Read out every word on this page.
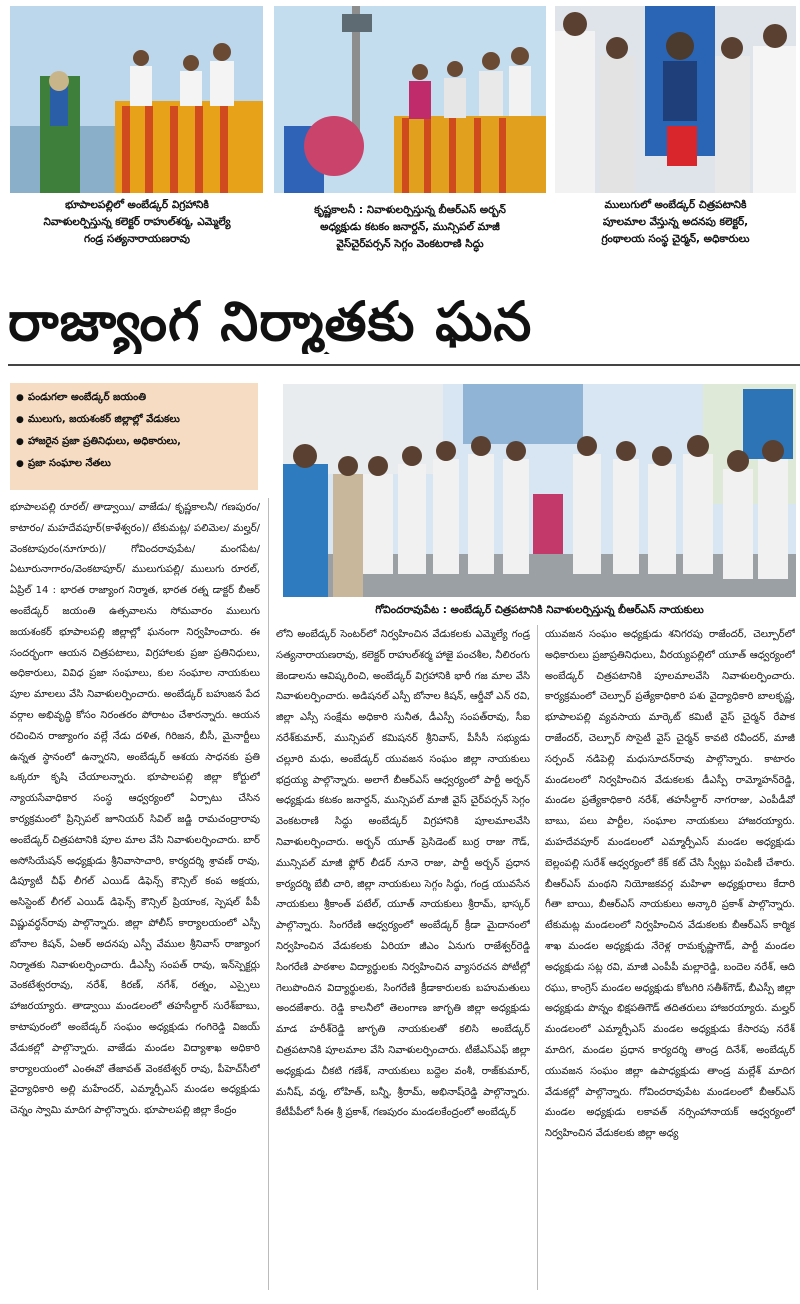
భూపాలపల్లిలో అంబేడ్కర్‌ విగ్రహానికి
నివాళులర్పిస్తున్న కలెక్టర్‌ రాహుల్‌శర్మ, ఎమ్మెల్యే
గండ్ర సత్యనారాయణరావు
కృష్ణకాలనీ : నివాళులర్పిస్తున్న బీఆర్‌ఎస్‌ అర్బన్‌
అధ్యక్షుడు కటకం జనార్దన్‌, మున్సిపల్‌ మాజీ
వైస్‌చైర్‌పర్సన్‌ సెగ్గం వెంకటరాణి సిద్ధు
ములుగులో అంబేడ్కర్‌ చిత్రపటానికి
పూలమాల వేస్తున్న అదనపు కలెక్టర్‌,
గ్రంథాలయ సంస్థ చైర్మన్‌, అధికారులు
రాజ్యాంగ నిర్మాతకు ఘన
● పండుగలా అంబేడ్కర్‌ జయంతి
● ములుగు, జయశంకర్‌ జిల్లాల్లో వేడుకలు
● హాజరైన ప్రజా ప్రతినిధులు, అధికారులు,
● ప్రజా సంఘాల నేతలు
గోవిందరావుపేట : అంబేడ్కర్‌ చిత్రపటానికి నివాళులర్పిస్తున్న బీఆర్‌ఎస్‌ నాయకులు

భూపాలపల్లి రూరల్‌/ తాడ్వాయి/ వాజేడు/ కృష్ణకాలనీ/ గణపురం/ కాటారం/ మహదేవపూర్‌(కాళేశ్వరం)/ టేకుమట్ల/ పలిమెల/ మల్హర్‌/ వెంకటాపురం(నూగూరు)/ గోవిందరావుపేట/ మంగపేట/ఏటూరునాగారం/వెంకటాపూర్‌/ ములుగుపల్లి/ ములుగు రూరల్‌, ఏప్రిల్‌ 14 : భారత రాజ్యాంగ నిర్మాత, భారత రత్న డాక్టర్‌ బీఆర్‌ అంబేడ్కర్‌ జయంతి ఉత్సవాలను సోమవారం ములుగు జయశంకర్‌ భూపాలపల్లి జిల్లాల్లో ఘనంగా నిర్వహించారు. ఈ సందర్భంగా ఆయన చిత్రపటాలు, విగ్రహాలకు ప్రజా ప్రతినిధులు, అధికారులు, వివిధ ప్రజా సంఘాలు, కుల సంఘాల నాయకులు పూల మాలలు వేసి నివాళులర్పించారు. అంబేడ్కర్‌ బహుజన పేద వర్గాల అభివృద్ధి కోసం నిరంతరం పోరాటం చేశారన్నారు. ఆయన రచించిన రాజ్యాంగం వల్లే నేడు దళిత, గిరిజన, బీసీ, మైనార్టీలు ఉన్నత స్థానంలో ఉన్నారని, అంబేడ్కర్‌ ఆశయ సాధనకు ప్రతి ఒక్కరూ కృషి చేయాలన్నారు. భూపాలపల్లి జిల్లా కోర్టులో న్యాయసేవాధికార సంస్థ ఆధ్వర్యంలో ఏర్పాటు చేసిన కార్యక్రమంలో ప్రిన్సిపల్‌ జూనియర్‌ సివిల్‌ జడ్జి రామచంద్రారావు అంబేడ్కర్‌ చిత్రపటానికి పూల మాల వేసి నివాళులర్పించారు. బార్‌ అసోసియేషన్‌ అధ్యక్షుడు శ్రీనివాసాచారి, కార్యదర్శి శ్రావణ్‌ రావు, డిప్యూటీ చీఫ్‌ లీగల్‌ ఎయిడ్‌ డిఫెన్స్‌ కౌన్సిల్‌ కంప అక్షయ, అసిస్టెంట్‌ లీగల్‌ ఎయిడ్‌ డిఫెన్స్‌ కౌన్సిల్‌ ప్రియాంక, స్పెషల్‌ పీపీ విష్ణువర్ధన్‌రావు పాల్గొన్నారు. జిల్లా పోలీస్‌ కార్యాలయంలో ఎస్పీ బోనాల కిషన్‌, ఏఆర్‌ అదనపు ఎస్పీ వేముల శ్రీనివాస్‌ రాజ్యాంగ నిర్మాతకు నివాళులర్పించారు. డీఎస్పీ సంపత్‌ రావు, ఇన్‌స్పెక్టర్లు వెంకటేశ్వరరావు, నరేశ్‌, కిరణ్‌, నగేశ్‌, రత్నం, ఎస్సైలు హాజరయ్యారు. తాడ్వాయి మండలంలో తహసీల్దార్‌ సురేశ్‌బాబు, కాటాపురంలో అంబేడ్కర్‌ సంఘం అధ్యక్షుడు గంగిరెడ్డి విజయ్‌ వేడుకల్లో పాల్గొన్నారు. వాజేడు మండల విద్యాశాఖ అధికారి కార్యాలయంలో ఎంఈవో తేజావత్‌ వెంకటేశ్వర్‌ రావు, పీహెచ్‌సీలో వైద్యాధికారి అల్లి మహేందర్‌, ఎమ్మార్పీఎస్‌ మండల అధ్యక్షుడు చెన్నం స్వామి మాదిగ పాల్గొన్నారు. భూపాలపల్లి జిల్లా కేంద్రం

లోని అంబేడ్కర్‌ సెంటర్‌లో నిర్వహించిన వేడుకలకు ఎమ్మెల్యే గండ్ర సత్యనారాయణరావు, కలెక్టర్‌ రాహుల్‌శర్మ హాజై పంచశీల, నీలిరంగు జెండాలను ఆవిష్కరించి, అంబేడ్కర్‌ విగ్రహానికి భారీ గజ మాల వేసి నివాళులర్పించారు. అడిషనల్‌ ఎస్పీ బోనాల కిషన్‌, ఆర్డీవో ఎన్‌ రవి, జిల్లా ఎస్సీ సంక్షేమ అధికారి సునీత, డీఎస్పీ సంపత్‌రావు, సీఐ నరేశ్‌కుమార్‌, మున్సిపల్‌ కమిషనర్‌ శ్రీనివాస్‌, పీసీసీ సభ్యుడు చల్లూరి మధు, అంబేడ్కర్‌ యువజన సంఘం జిల్లా నాయకులు భద్రయ్య పాల్గొన్నారు. అలాగే బీఆర్‌ఎస్‌ ఆధ్వర్యంలో పార్టీ అర్బన్‌ అధ్యక్షుడు కటకం జనార్దన్‌, మున్సిపల్‌ మాజీ వైస్‌ చైర్‌పర్సన్‌ సెగ్గం వెంకటరాణి సిద్ధు అంబేడ్కర్‌ విగ్రహానికి పూలమాలవేసి నివాళులర్పించారు. అర్బన్‌ యూత్‌ ప్రెసిడెంట్‌ బుర్ర రాజు గౌడ్‌, మున్సిపల్‌ మాజీ ఫ్లోర్‌ లీడర్‌ నూనె రాజు, పార్టీ అర్బన్‌ ప్రధాన కార్యదర్శి బేబీ చారి, జిల్లా నాయకులు సెగ్గం సిద్ధు, గండ్ర యువసేన నాయకులు శ్రీకాంత్‌ పటేల్‌, యూత్‌ నాయకులు శ్రీరామ్‌, భాస్కర్‌ పాల్గొన్నారు. సింగరేణి ఆధ్వర్యంలో అంబేడ్కర్‌ క్రీడా మైదానంలో నిర్వహించిన వేడుకలకు ఏరియా జీఎం ఏనుగు రాజేశ్వర్‌రెడ్డి సింగరేణి పాఠశాల విద్యార్థులకు నిర్వహించిన వ్యాసరచన పోటీల్లో గెలుపొందిన విద్యార్థులకు, సింగరేణి క్రీడాకారులకు బహుమతులు అందజేశారు. రెడ్డి కాలనీలో తెలంగాణ జాగృతి జిల్లా అధ్యక్షుడు మాడ హరీశ్‌రెడ్డి జాగృతి నాయకులతో కలిసి అంబేడ్కర్‌ చిత్రపటానికి పూలమాల వేసి నివాళులర్పించారు. టీజేఎస్‌ఎఫ్‌ జిల్లా అధ్యక్షుడు చీకటి గణేశ్‌, నాయకులు బద్దెల వంశీ, రాజ్‌కుమార్‌, మనీష్‌, వర్మ, లోహిత్‌, బన్నీ, శ్రీరామ్‌, అభినాష్‌రెడ్డి పాల్గొన్నారు. కేటీపీపీలో సీఈ శ్రీ ప్రకాశ్‌, గణపురం మండలకేంద్రంలో అంబేడ్కర్‌

యువజన సంఘం అధ్యక్షుడు శనిగరపు రాజేందర్‌, చెల్పూర్‌లో అధికారులు ప్రజాప్రతినిధులు, వీరయ్యపల్లిలో యూత్‌ ఆధ్వర్యంలో అంబేడ్కర్‌ చిత్రపటానికి పూలమాలవేసి నివాళులర్పించారు. కార్యక్రమంలో చెల్పూర్‌ ప్రత్యేకాధికారి పశు వైద్యాధికారి బాలకృష్ణ, భూపాలపల్లి వ్యవసాయ మార్కెట్‌ కమిటీ వైస్‌ చైర్మన్‌ రేపాక రాజేందర్‌, చెల్పూర్‌ సొసైటీ వైస్‌ చైర్మన్‌ కావటి రవీందర్‌, మాజీ సర్పంచ్‌ నడిపెల్లి మధుసూదన్‌రావు పాల్గొన్నారు. కాటారం మండలంలో నిర్వహించిన వేడుకలకు డీఎస్పీ రామ్మోహన్‌రెడ్డి, మండల ప్రత్యేకాధికారి నరేశ్‌, తహసీల్దార్‌ నాగరాజు, ఎంపీడీవో బాబు, పలు పార్టీల, సంఘాల నాయకులు హాజరయ్యారు. మహదేవపూర్‌ మండలంలో ఎమ్మార్పీఎస్‌ మండల అధ్యక్షుడు బెల్లంపల్లి సురేశ్‌ ఆధ్వర్యంలో కేక్‌ కట్‌ చేసి స్వీట్లు పంపిణీ చేశారు. బీఆర్‌ఎస్‌ మంథని నియోజకవర్గ మహిళా అధ్యక్షురాలు కేదారి గీతా బాయి, బీఆర్‌ఎస్‌ నాయకులు అన్కారి ప్రకాశ్‌ పాల్గొన్నారు. టేకుమట్ల మండలంలో నిర్వహించిన వేడుకలకు బీఆర్‌ఎస్‌ కార్మిక శాఖ మండల అధ్యక్షుడు నేరెళ్ల రామకృష్ణాగౌడ్‌, పార్టీ మండల అధ్యక్షుడు సట్ల రవి, మాజీ ఎంపీపీ మల్లారెడ్డి, బందెల నరేశ్‌, ఆది రఘు, కాంగ్రెస్‌ మండల అధ్యక్షుడు కోటగిరి సతీశ్‌గౌడ్‌, బీఎస్పీ జిల్లా అధ్యక్షుడు పొన్నం భిక్షపతిగౌడ్‌ తదితరులు హాజరయ్యారు. మల్హర్‌ మండలంలో ఎమ్మార్పీఎస్‌ మండల అధ్యక్షుడు కేసారపు నరేశ్‌ మాదిగ, మండల ప్రధాన కార్యదర్శి తాండ్ర దినేశ్‌, అంబేడ్కర్‌ యువజన సంఘం జిల్లా ఉపాధ్యక్షుడు తాండ్ర మల్లేశ్‌ మాదిగ వేడుకల్లో పాల్గొన్నారు. గోవిందరావుపేట మండలంలో బీఆర్‌ఎస్‌ మండల అధ్యక్షుడు లకావత్‌ నర్సింహానాయక్‌ ఆధ్వర్యంలో నిర్వహించిన వేడుకలకు జిల్లా అధ్య
